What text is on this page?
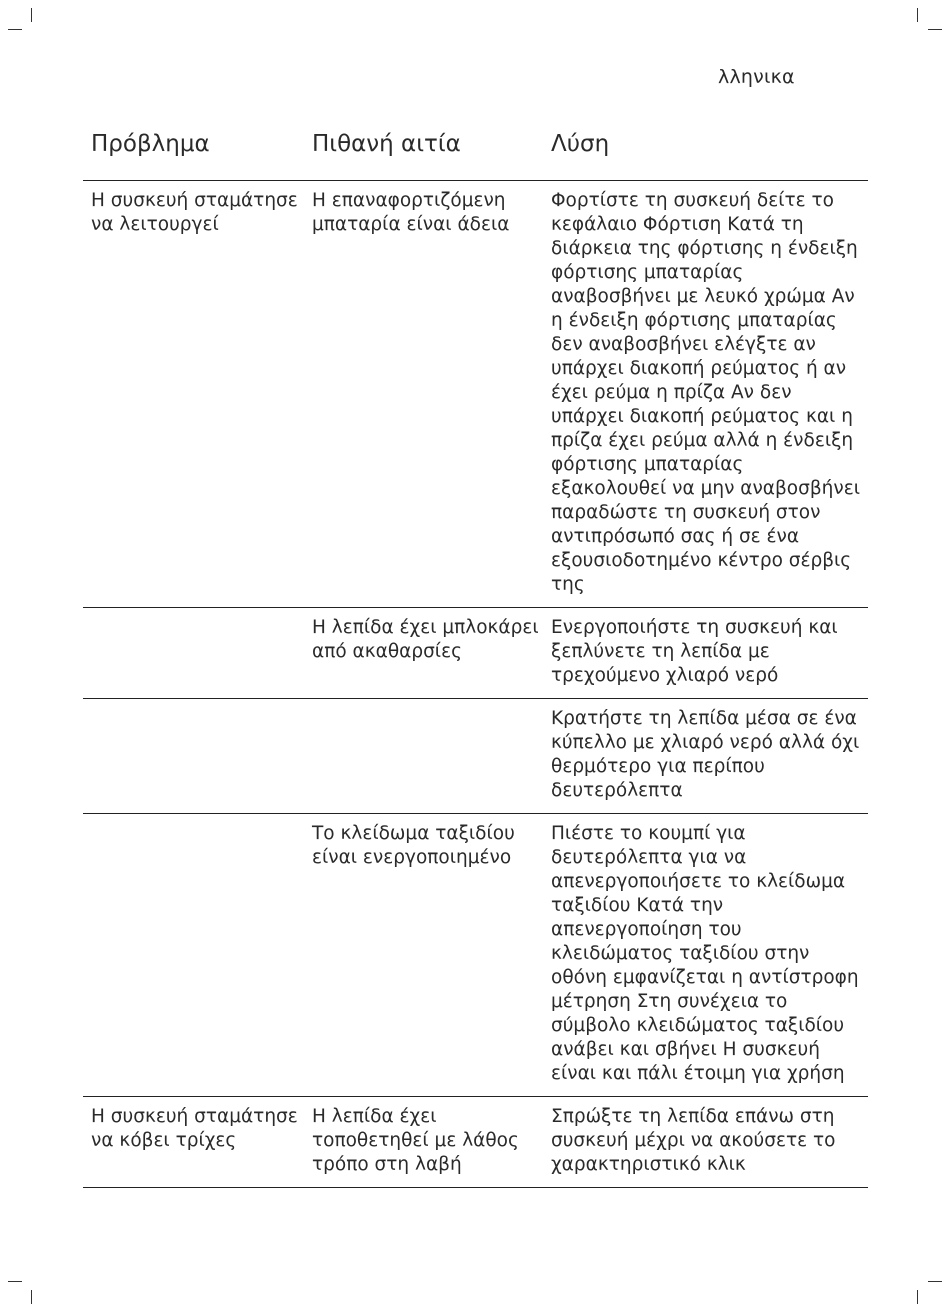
λληνικα
Πρόβλημα	Πιθανή αιτία	Λύση
Η συσκευή σταμάτησε να λειτουργεί
Η επαναφορτιζόμενη μπαταρία είναι άδεια
Φορτίστε τη συσκευή δείτε το κεφάλαιο Φόρτιση Κατά τη διάρκεια της φόρτισης η ένδειξη φόρτισης μπαταρίας αναβοσβήνει με λευκό χρώμα Αν η ένδειξη φόρτισης μπαταρίας δεν αναβοσβήνει ελέγξτε αν υπάρχει διακοπή ρεύματος ή αν έχει ρεύμα η πρίζα Αν δεν υπάρχει διακοπή ρεύματος και η πρίζα έχει ρεύμα αλλά η ένδειξη φόρτισης μπαταρίας εξακολουθεί να μην αναβοσβήνει παραδώστε τη συσκευή στον αντιπρόσωπό σας ή σε ένα εξουσιοδοτημένο κέντρο σέρβις της
Η λεπίδα έχει μπλοκάρει από ακαθαρσίες
Ενεργοποιήστε τη συσκευή και ξεπλύνετε τη λεπίδα με τρεχούμενο χλιαρό νερό
Κρατήστε τη λεπίδα μέσα σε ένα κύπελλο με χλιαρό νερό αλλά όχι θερμότερο για περίπου δευτερόλεπτα
Το κλείδωμα ταξιδίου είναι ενεργοποιημένο
Πιέστε το κουμπί για δευτερόλεπτα για να απενεργοποιήσετε το κλείδωμα ταξιδίου Κατά την απενεργοποίηση του κλειδώματος ταξιδίου στην οθόνη εμφανίζεται η αντίστροφη μέτρηση Στη συνέχεια το σύμβολο κλειδώματος ταξιδίου ανάβει και σβήνει Η συσκευή είναι και πάλι έτοιμη για χρήση
Η συσκευή σταμάτησε να κόβει τρίχες
Η λεπίδα έχει τοποθετηθεί με λάθος τρόπο στη λαβή
Σπρώξτε τη λεπίδα επάνω στη συσκευή μέχρι να ακούσετε το χαρακτηριστικό κλικ
